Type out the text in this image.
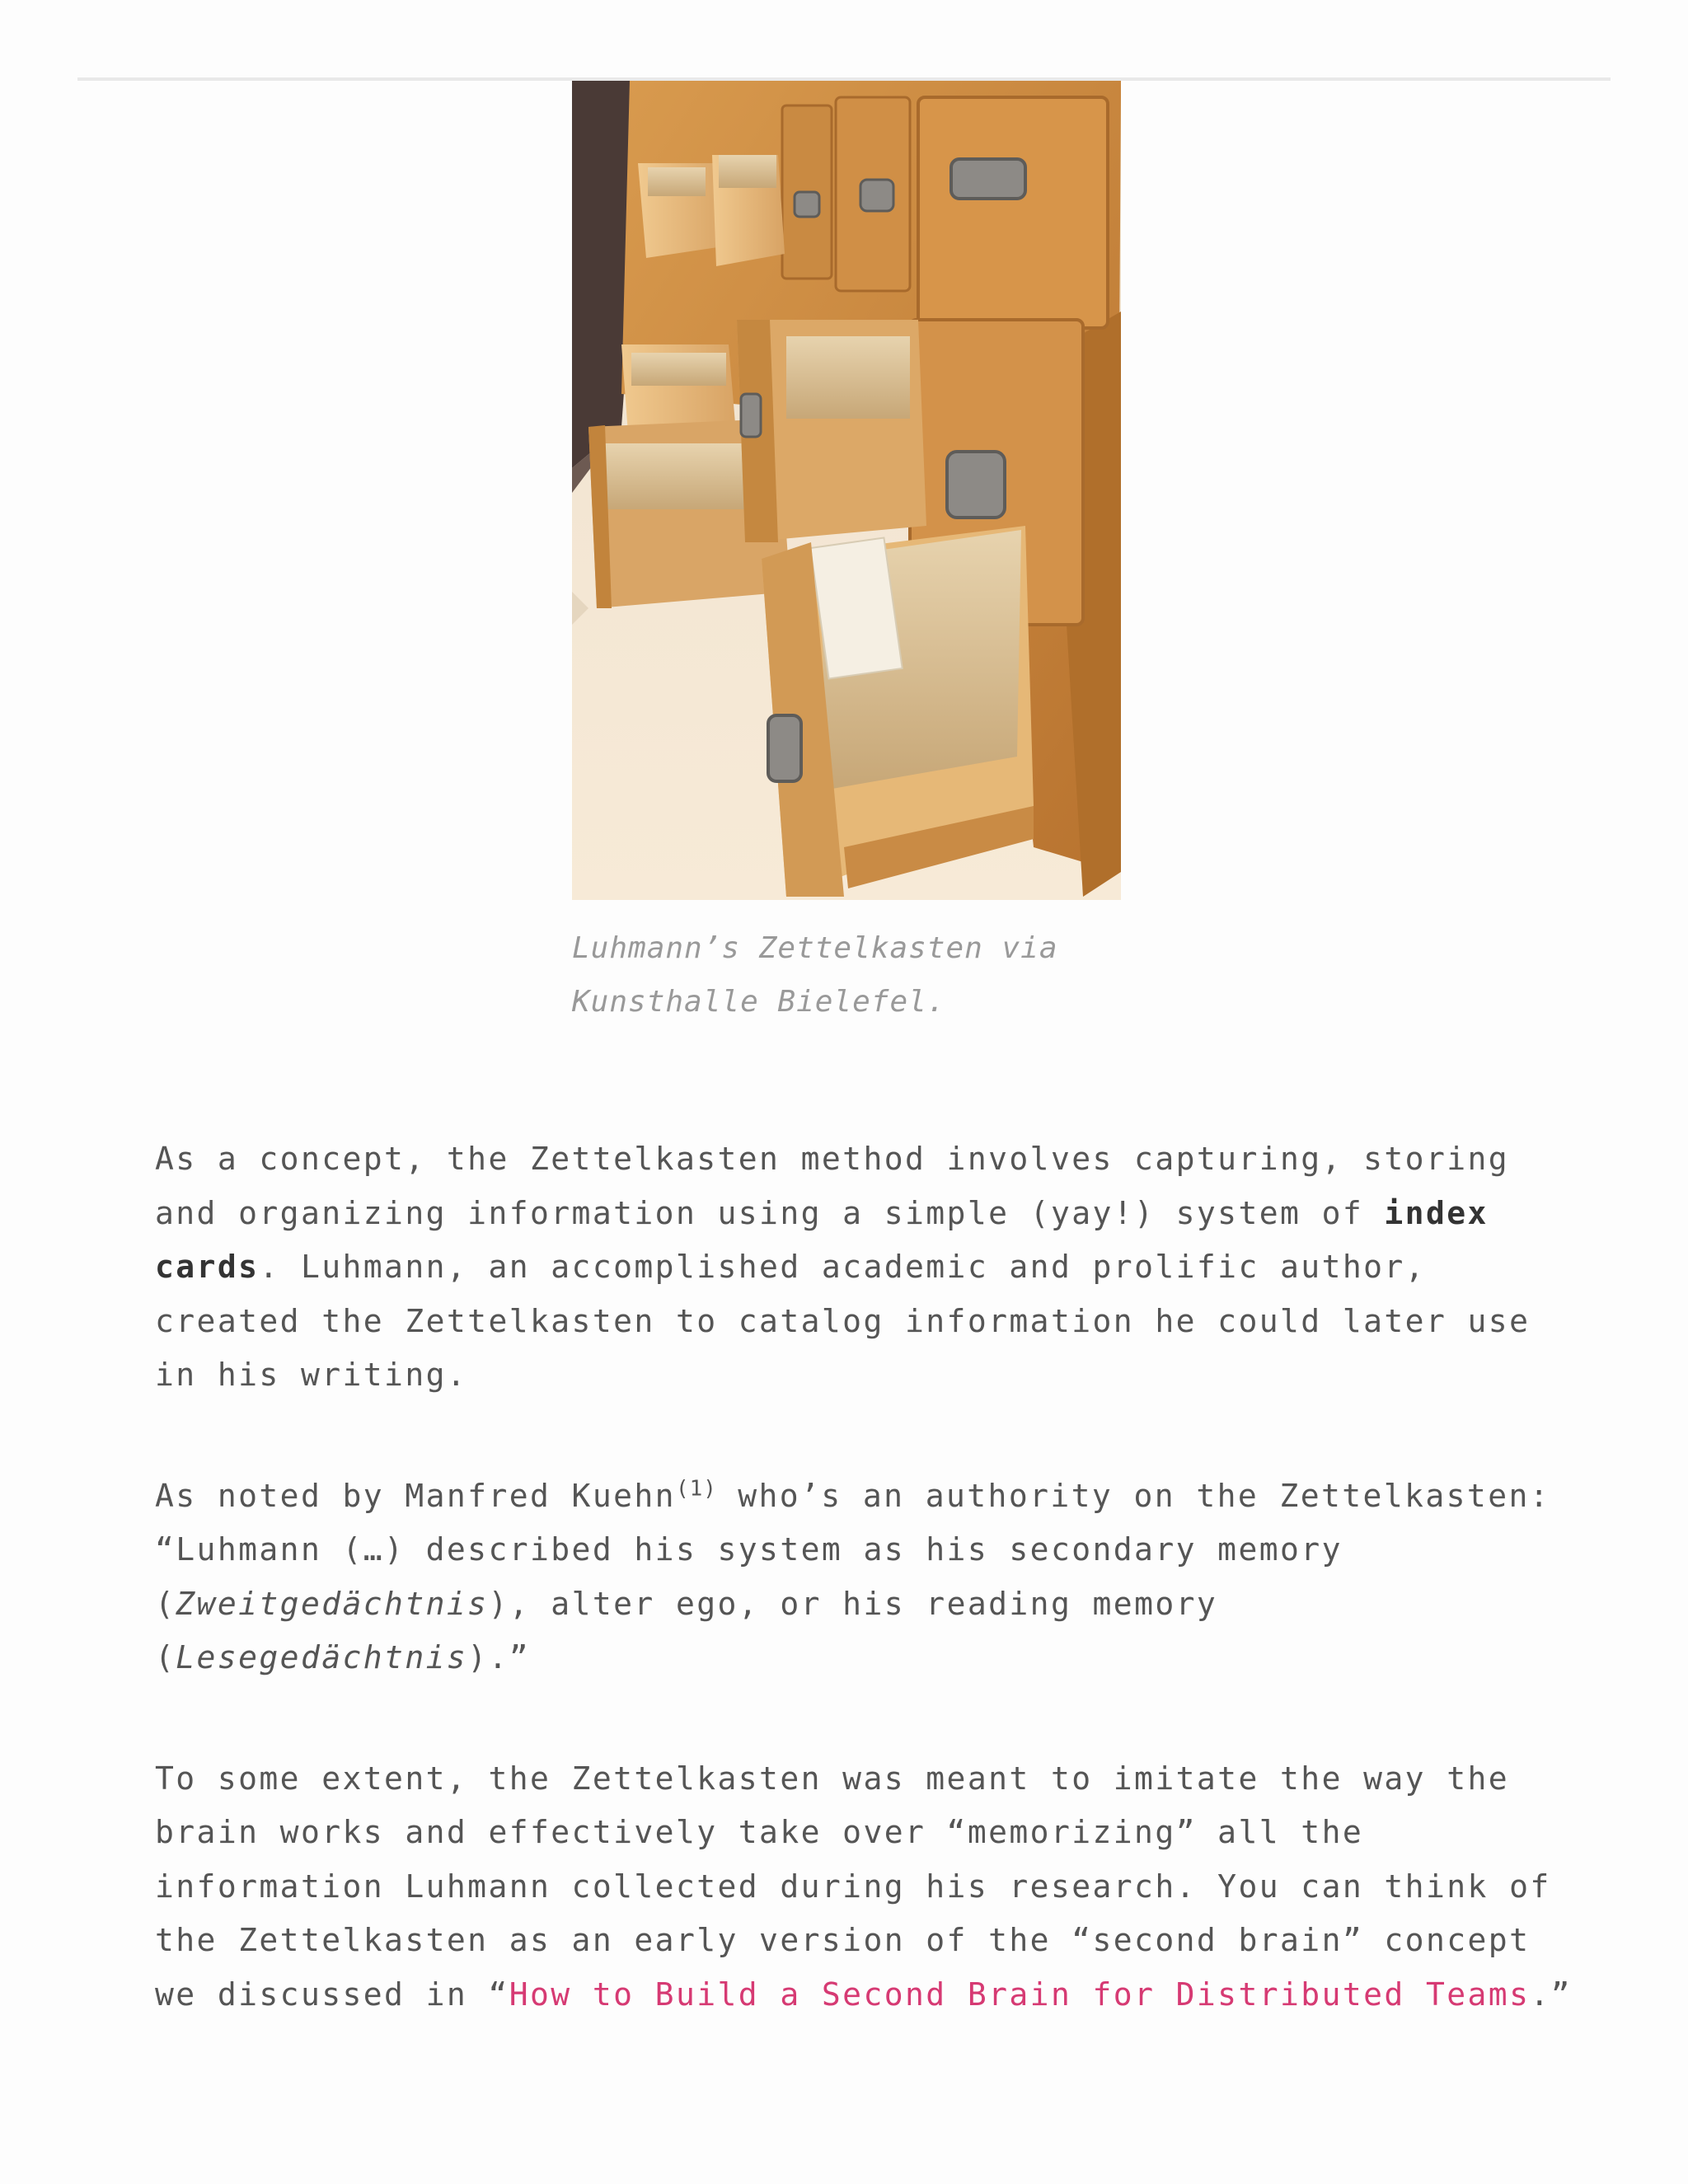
Luhmann’s Zettelkasten via
Kunsthalle Bielefel.

As a concept, the Zettelkasten method involves capturing, storing and organizing information using a simple (yay!) system of index cards. Luhmann, an accomplished academic and prolific author, created the Zettelkasten to catalog information he could later use in his writing.

As noted by Manfred Kuehn$^{(1)}$ who’s an authority on the Zettelkasten: “Luhmann (…) described his system as his secondary memory (Zweitgedächtnis), alter ego, or his reading memory (Lesegedächtnis).”

To some extent, the Zettelkasten was meant to imitate the way the brain works and effectively take over “memorizing” all the information Luhmann collected during his research. You can think of the Zettelkasten as an early version of the “second brain” concept we discussed in “How to Build a Second Brain for Distributed Teams.”
